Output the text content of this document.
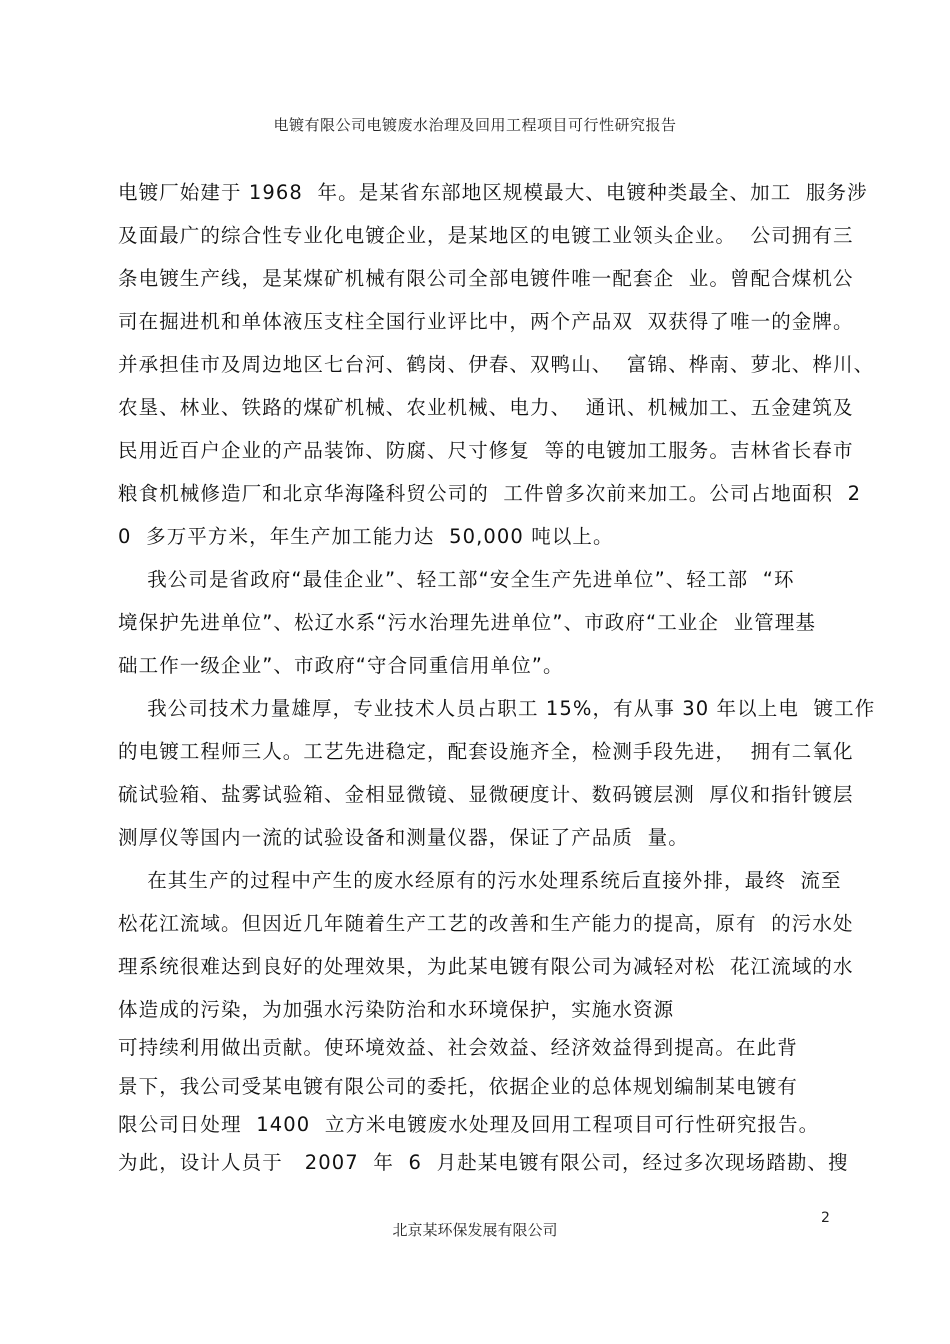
电镀有限公司电镀废水治理及回用工程项目可行性研究报告
电镀厂始建于 1968  年。是某省东部地区规模最大、电镀种类最全、加工  服务涉
及面最广的综合性专业化电镀企业，是某地区的电镀工业领头企业。  公司拥有三
条电镀生产线，是某煤矿机械有限公司全部电镀件唯一配套企  业。曾配合煤机公
司在掘进机和单体液压支柱全国行业评比中，两个产品双  双获得了唯一的金牌。
并承担佳市及周边地区七台河、鹤岗、伊春、双鸭山、  富锦、桦南、萝北、桦川、
农垦、林业、铁路的煤矿机械、农业机械、电力、  通讯、机械加工、五金建筑及
民用近百户企业的产品装饰、防腐、尺寸修复  等的电镀加工服务。吉林省长春市
粮食机械修造厂和北京华海隆科贸公司的  工件曾多次前来加工。公司占地面积  2
0  多万平方米，年生产加工能力达  50,000 吨以上。
我公司是省政府“最佳企业”、轻工部“安全生产先进单位”、轻工部  “环
境保护先进单位”、松辽水系“污水治理先进单位”、市政府“工业企  业管理基
础工作一级企业”、市政府“守合同重信用单位”。
我公司技术力量雄厚，专业技术人员占职工 15%，有从事 30 年以上电  镀工作
的电镀工程师三人。工艺先进稳定，配套设施齐全，检测手段先进，  拥有二氧化
硫试验箱、盐雾试验箱、金相显微镜、显微硬度计、数码镀层测  厚仪和指针镀层
测厚仪等国内一流的试验设备和测量仪器，保证了产品质  量。
在其生产的过程中产生的废水经原有的污水处理系统后直接外排，最终  流至
松花江流域。但因近几年随着生产工艺的改善和生产能力的提高，原有  的污水处
理系统很难达到良好的处理效果，为此某电镀有限公司为减轻对松  花江流域的水
体造成的污染，为加强水污染防治和水环境保护，实施水资源
可持续利用做出贡献。使环境效益、社会效益、经济效益得到提高。在此背
景下，我公司受某电镀有限公司的委托，依据企业的总体规划编制某电镀有
限公司日处理  1400  立方米电镀废水处理及回用工程项目可行性研究报告。
为此，设计人员于   2007  年  6  月赴某电镀有限公司，经过多次现场踏勘、搜
2
北京某环保发展有限公司
